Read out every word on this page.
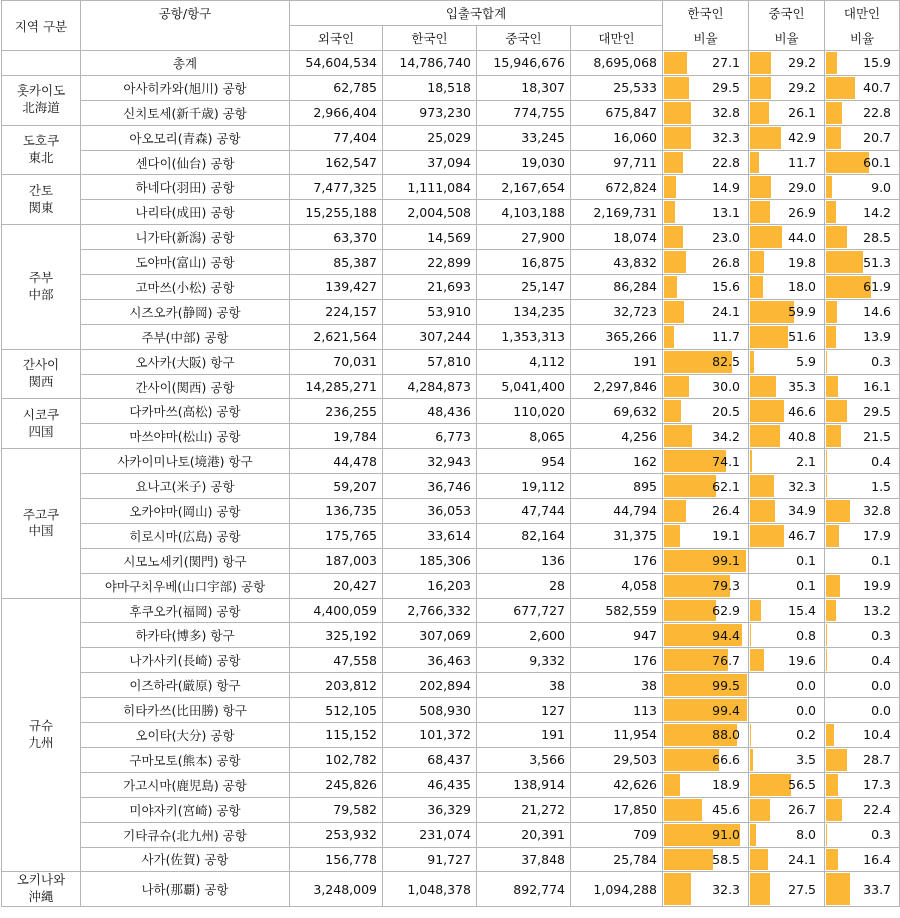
지역 구분	공항/항구	입출국합계				한국인	중국인	대만인
		외국인	한국인	중국인	대만인	비율	비율	비율
	총계	54,604,534	14,786,740	15,946,676	8,695,068	27.1	29.2	15.9

홋카이도
北海道	아사히카와(旭川) 공항	62,785	18,518	18,307	25,533	29.5	29.2	40.7

	신치토세(新千歳) 공항	2,966,404	973,230	774,755	675,847	32.8	26.1	22.8

도호쿠
東北	아오모리(青森) 공항	77,404	25,029	33,245	16,060	32.3	42.9	20.7

	센다이(仙台) 공항	162,547	37,094	19,030	97,711	22.8	11.7	60.1

간토
関東	하네다(羽田) 공항	7,477,325	1,111,084	2,167,654	672,824	14.9	29.0	9.0

	나리타(成田) 공항	15,255,188	2,004,508	4,103,188	2,169,731	13.1	26.9	14.2

주부
中部	니가타(新潟) 공항	63,370	14,569	27,900	18,074	23.0	44.0	28.5

	도야마(富山) 공항	85,387	22,899	16,875	43,832	26.8	19.8	51.3

	고마쓰(小松) 공항	139,427	21,693	25,147	86,284	15.6	18.0	61.9

	시즈오카(静岡) 공항	224,157	53,910	134,235	32,723	24.1	59.9	14.6

	주부(中部) 공항	2,621,564	307,244	1,353,313	365,266	11.7	51.6	13.9

간사이
関西	오사카(大阪) 항구	70,031	57,810	4,112	191	82.5	5.9	0.3

	간사이(関西) 공항	14,285,271	4,284,873	5,041,400	2,297,846	30.0	35.3	16.1

시코쿠
四国	다카마쓰(高松) 공항	236,255	48,436	110,020	69,632	20.5	46.6	29.5

	마쓰야마(松山) 공항	19,784	6,773	8,065	4,256	34.2	40.8	21.5

주고쿠
中国	사카이미나토(境港) 항구	44,478	32,943	954	162	74.1	2.1	0.4

	요나고(米子) 공항	59,207	36,746	19,112	895	62.1	32.3	1.5

	오카야마(岡山) 공항	136,735	36,053	47,744	44,794	26.4	34.9	32.8

	히로시마(広島) 공항	175,765	33,614	82,164	31,375	19.1	46.7	17.9

	시모노세키(関門) 항구	187,003	185,306	136	176	99.1	0.1	0.1

	야마구치우베(山口宇部) 공항	20,427	16,203	28	4,058	79.3	0.1	19.9

규슈
九州	후쿠오카(福岡) 공항	4,400,059	2,766,332	677,727	582,559	62.9	15.4	13.2

	하카타(博多) 항구	325,192	307,069	2,600	947	94.4	0.8	0.3

	나가사키(長崎) 공항	47,558	36,463	9,332	176	76.7	19.6	0.4

	이즈하라(厳原) 항구	203,812	202,894	38	38	99.5	0.0	0.0

	히타카쓰(比田勝) 항구	512,105	508,930	127	113	99.4	0.0	0.0

	오이타(大分) 공항	115,152	101,372	191	11,954	88.0	0.2	10.4

	구마모토(熊本) 공항	102,782	68,437	3,566	29,503	66.6	3.5	28.7

	가고시마(鹿児島) 공항	245,826	46,435	138,914	42,626	18.9	56.5	17.3

	미야자키(宮崎) 공항	79,582	36,329	21,272	17,850	45.6	26.7	22.4

	기타큐슈(北九州) 공항	253,932	231,074	20,391	709	91.0	8.0	0.3

	사가(佐賀) 공항	156,778	91,727	37,848	25,784	58.5	24.1	16.4

오키나와
沖縄	나하(那覇) 공항	3,248,009	1,048,378	892,774	1,094,288	32.3	27.5	33.7
